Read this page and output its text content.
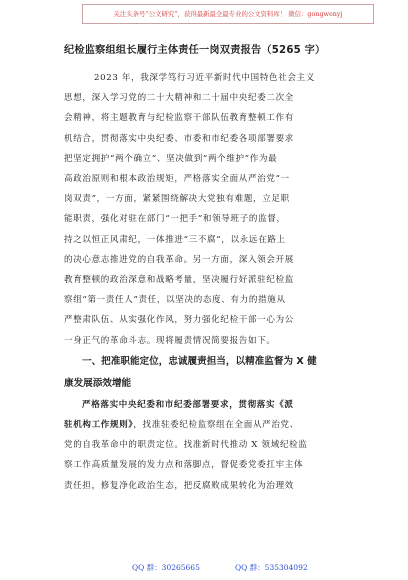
关注头条号“公文研究”，获得最新最全最专业的公文资料库！ 微信：gongwenyj
纪检监察组组长履行主体责任一岗双责报告（5265 字）
2023 年，我深学笃行习近平新时代中国特色社会主义
思想，深入学习党的二十大精神和二十届中央纪委二次全
会精神，将主题教育与纪检监察干部队伍教育整顿工作有
机结合，贯彻落实中央纪委、市委和市纪委各项部署要求
把坚定拥护“两个确立”、坚决做到“两个维护”作为最
高政治原则和根本政治规矩，严格落实全面从严治党“一
岗双责”，一方面，紧紧围绕解决大党独有难题，立足职
能职责，强化对驻在部门“一把手”和领导班子的监督，
持之以恒正风肃纪，一体推进“三不腐”，以永远在路上
的决心意志推进党的自我革命。另一方面，深入领会开展
教育整顿的政治深意和战略考量，坚决履行好派驻纪检监
察组“第一责任人”责任，以坚决的态度、有力的措施从
严整肃队伍、从实强化作风，努力强化纪检干部一心为公
一身正气的革命斗志。现将履责情况简要报告如下。
一、把准职能定位，忠诚履责担当，以精准监督为 X 健
康发展添效增能
严格落实中央纪委和市纪委部署要求，贯彻落实《派
驻机构工作规则》，找准驻委纪检监察组在全面从严治党、
党的自我革命中的职责定位。找准新时代推动 X 领域纪检监
察工作高质量发展的发力点和落脚点，督促委党委扛牢主体
责任担，修复净化政治生态，把反腐败成果转化为治理效
QQ 群：30265665	QQ 群：535304092
